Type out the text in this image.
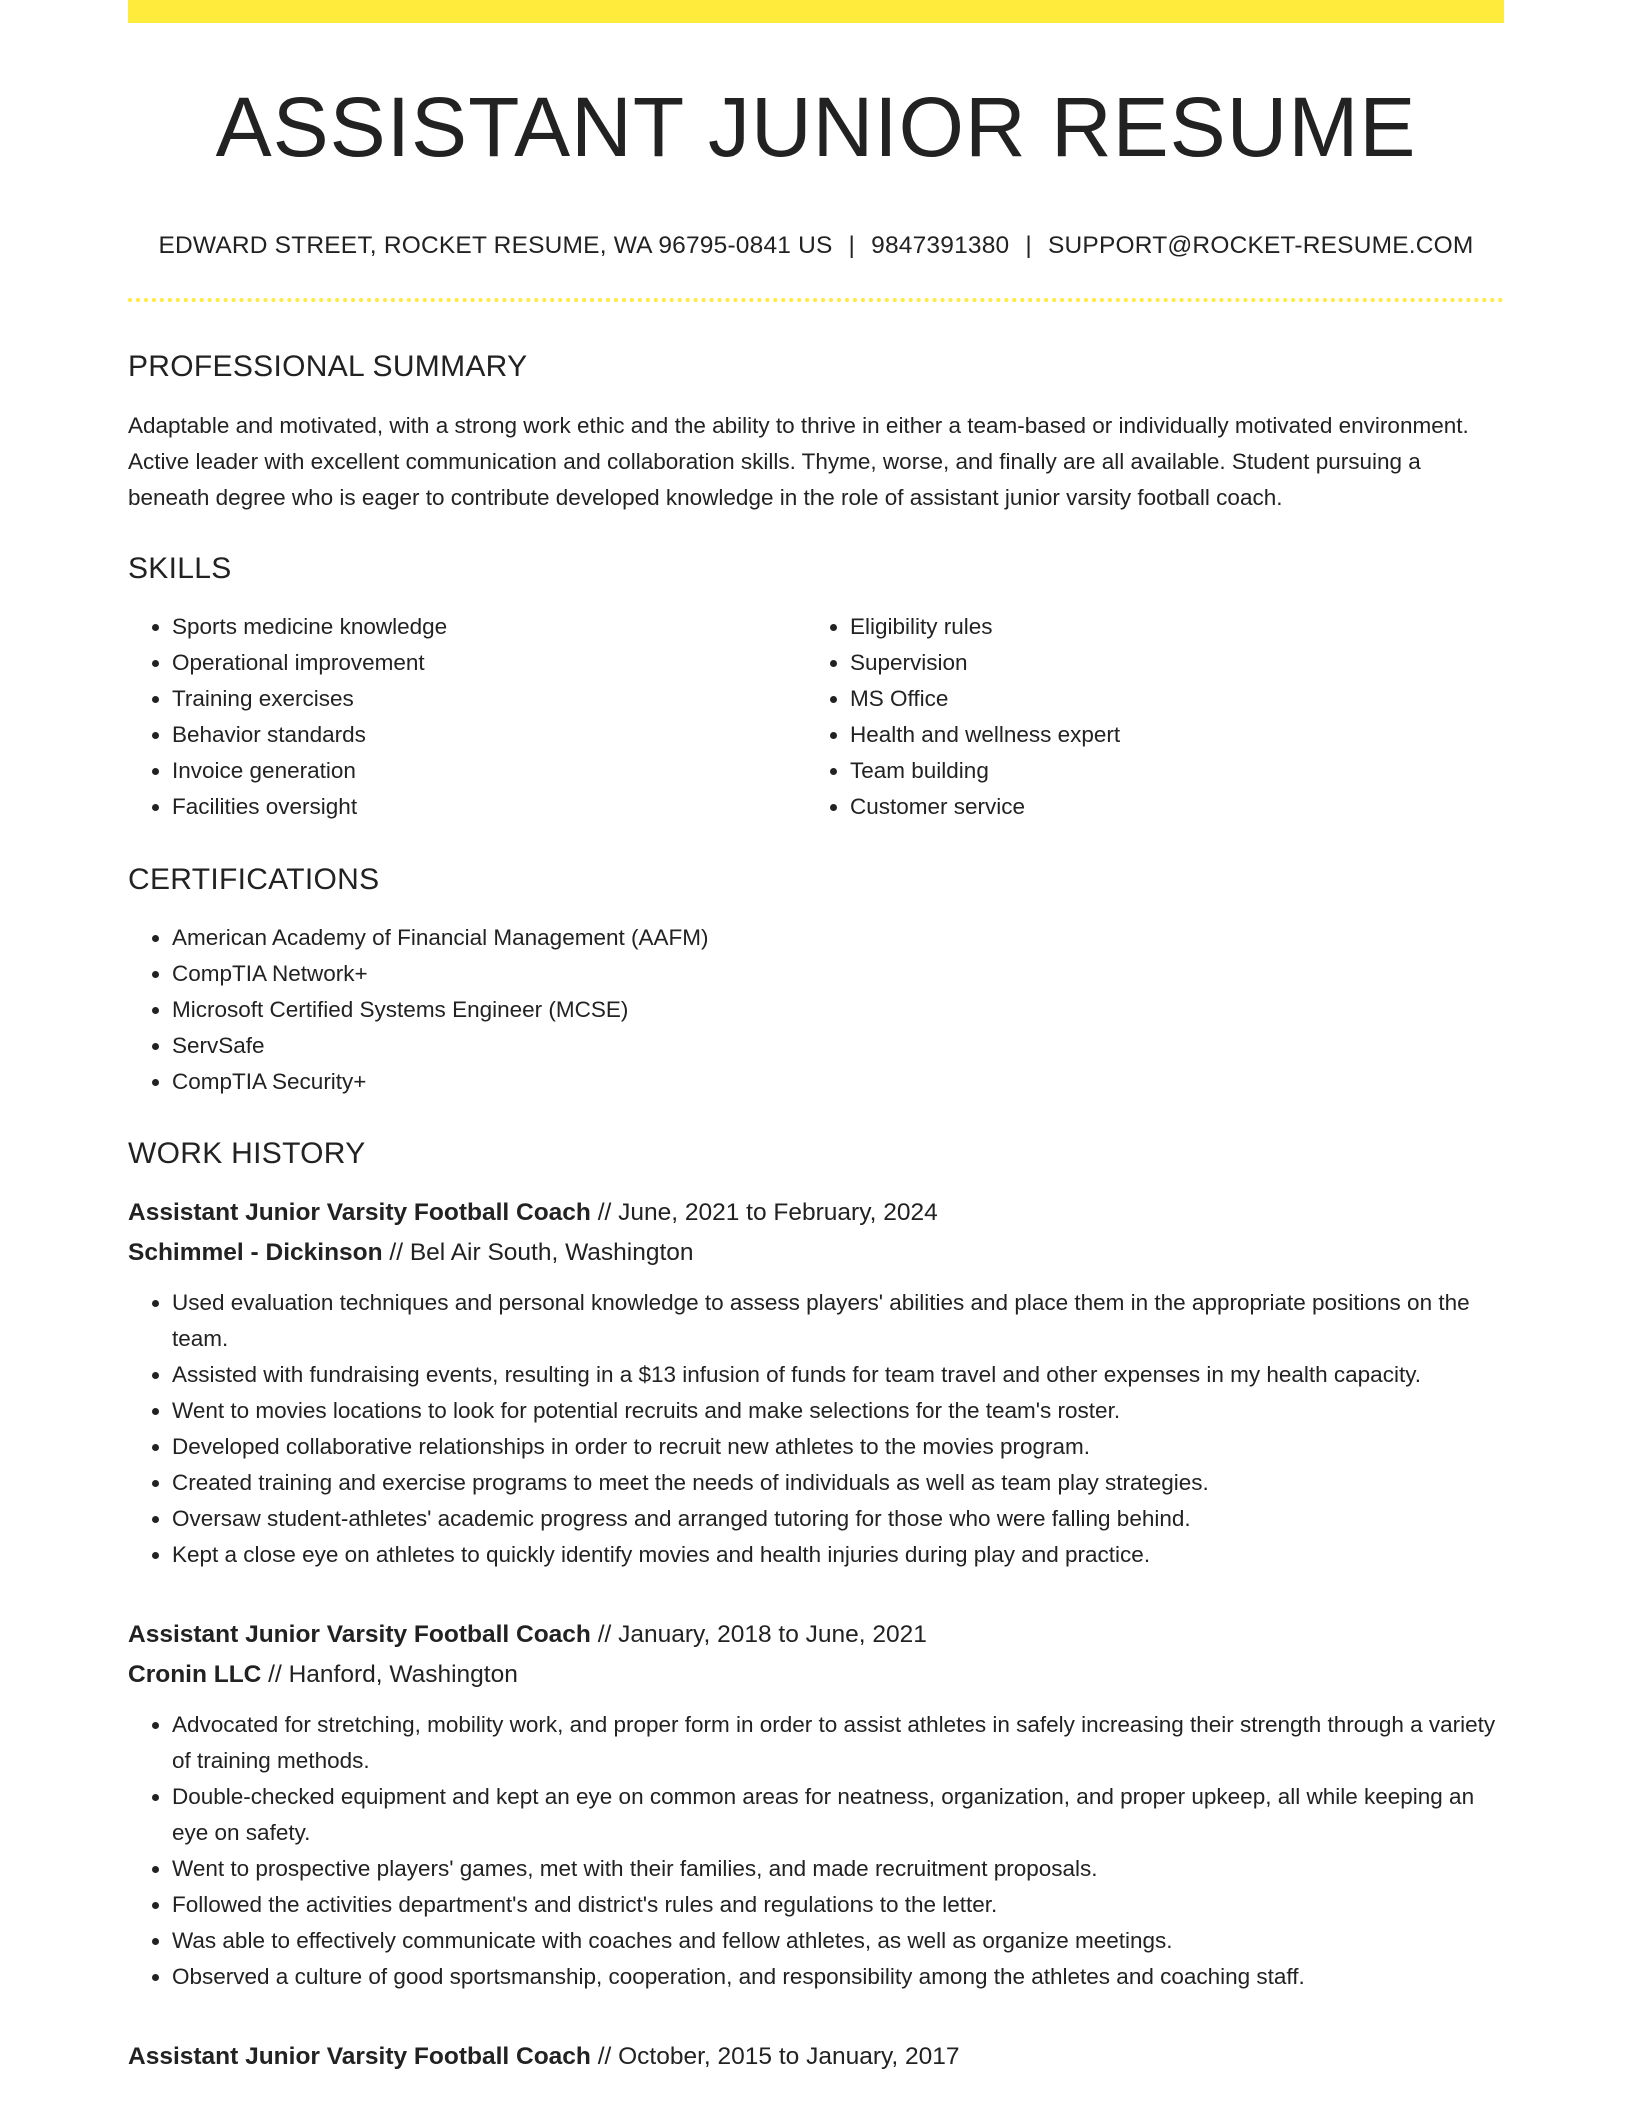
ASSISTANT JUNIOR RESUME
EDWARD STREET, ROCKET RESUME, WA 96795-0841 US | 9847391380 | SUPPORT@ROCKET-RESUME.COM
PROFESSIONAL SUMMARY

Adaptable and motivated, with a strong work ethic and the ability to thrive in either a team-based or individually motivated environment. Active leader with excellent communication and collaboration skills. Thyme, worse, and finally are all available. Student pursuing a beneath degree who is eager to contribute developed knowledge in the role of assistant junior varsity football coach.

SKILLS
• Sports medicine knowledge
• Operational improvement
• Training exercises
• Behavior standards
• Invoice generation
• Facilities oversight
• Eligibility rules
• Supervision
• MS Office
• Health and wellness expert
• Team building
• Customer service
CERTIFICATIONS
• American Academy of Financial Management (AAFM)
• CompTIA Network+
• Microsoft Certified Systems Engineer (MCSE)
• ServSafe
• CompTIA Security+
WORK HISTORY
Assistant Junior Varsity Football Coach // June, 2021 to February, 2024
Schimmel - Dickinson // Bel Air South, Washington
• Used evaluation techniques and personal knowledge to assess players' abilities and place them in the appropriate positions on the team.
• Assisted with fundraising events, resulting in a $13 infusion of funds for team travel and other expenses in my health capacity.
• Went to movies locations to look for potential recruits and make selections for the team's roster.
• Developed collaborative relationships in order to recruit new athletes to the movies program.
• Created training and exercise programs to meet the needs of individuals as well as team play strategies.
• Oversaw student-athletes' academic progress and arranged tutoring for those who were falling behind.
• Kept a close eye on athletes to quickly identify movies and health injuries during play and practice.
Assistant Junior Varsity Football Coach // January, 2018 to June, 2021
Cronin LLC // Hanford, Washington
• Advocated for stretching, mobility work, and proper form in order to assist athletes in safely increasing their strength through a variety of training methods.
• Double-checked equipment and kept an eye on common areas for neatness, organization, and proper upkeep, all while keeping an eye on safety.
• Went to prospective players' games, met with their families, and made recruitment proposals.
• Followed the activities department's and district's rules and regulations to the letter.
• Was able to effectively communicate with coaches and fellow athletes, as well as organize meetings.
• Observed a culture of good sportsmanship, cooperation, and responsibility among the athletes and coaching staff.
Assistant Junior Varsity Football Coach // October, 2015 to January, 2017
